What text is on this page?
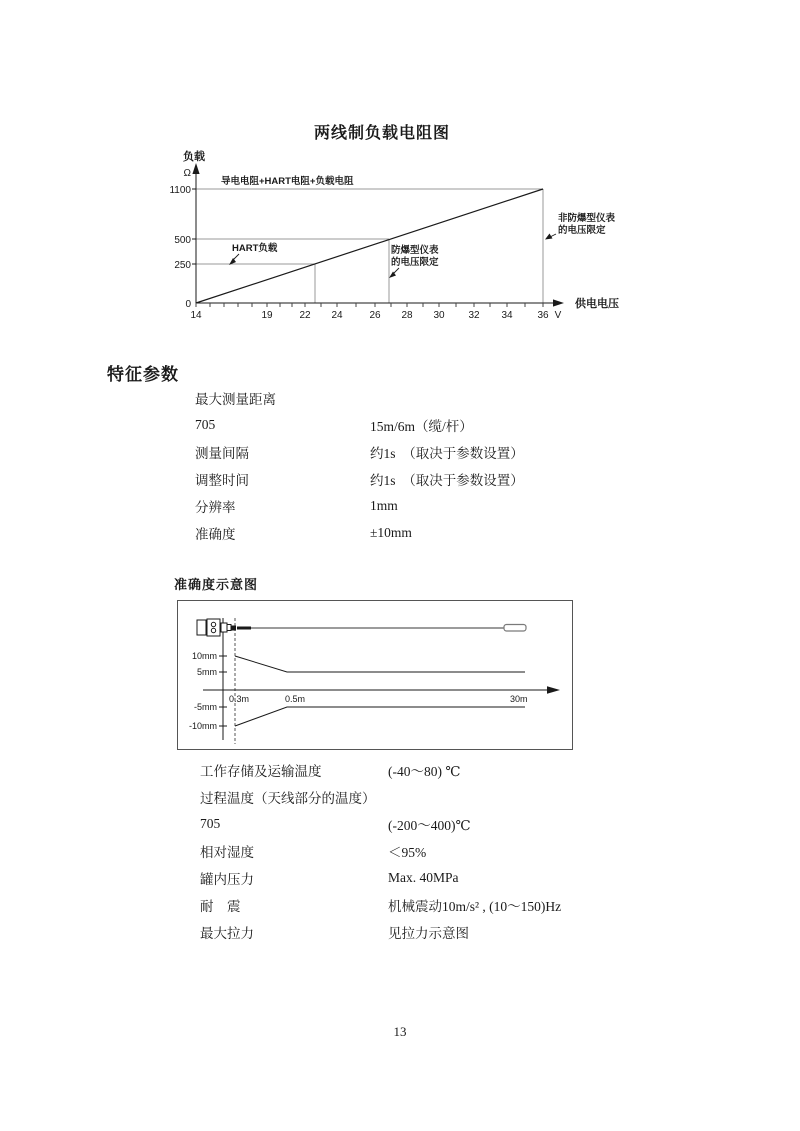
两线制负载电阻图
负载
Ω
1100
500
250
0
14	19	22 24	26 28 30 32 34 36 V
供电电压
导电电阻+HART电阻+负载电阻
HART负载	防爆型仪表
的电压限定
非防爆型仪表
的电压限定
特征参数
最大测量距离
705	15m/6m（缆/杆）
测量间隔	约1s　（取决于参数设置）
调整时间	约1s　（取决于参数设置）
分辨率	1mm
准确度	±10mm
准确度示意图
10mm
5mm
-5mm
-10mm
0.3m	0.5m	30m
工作存储及运输温度	(-40～80) ℃
过程温度（天线部分的温度）
705	(-200～400)℃
相对湿度	＜95%
罐内压力	Max. 40MPa
耐　震	机械震动10m/s² , (10～150)Hz
最大拉力	见拉力示意图
13
